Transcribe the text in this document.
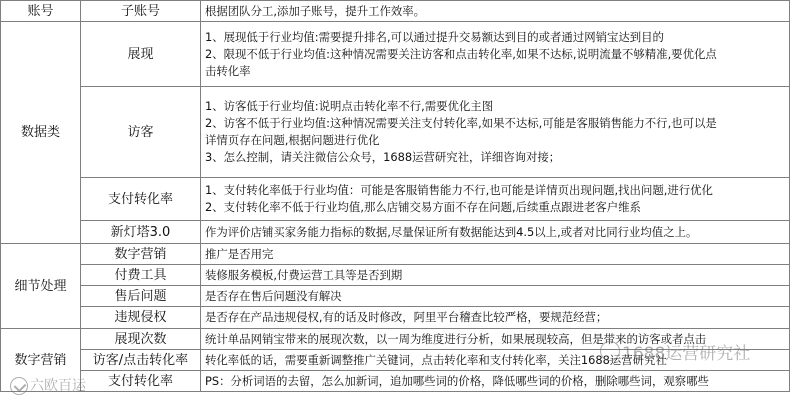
账号	子账号	根据团队分工,添加子账号，提升工作效率。

数据类	展现	1、展现低于行业均值:需要提升排名,可以通过提升交易额达到目的或者通过网销宝达到目的
2、限现不低于行业均值:这种情况需要关注访客和点击转化率,如果不达标,说明流量不够精准,要优化点
击转化率

	访客	1、访客低于行业均值:说明点击转化率不行,需要优化主图
2、访客不低于行业均值:这种情况需要关注支付转化率,如果不达标,可能是客服销售能力不行,也可以是
详情页存在问题,根据问题进行优化
3、怎么控制，请关注微信公众号，1688运营研究社，详细咨询对接；

	支付转化率	1、支付转化率低于行业均值：可能是客服销售能力不行,也可能是详情页出现问题,找出问题,进行优化
2、支付转化率不低于行业均值,那么店铺交易方面不存在问题,后续重点跟进老客户维系

	新灯塔3.0	作为评价店铺买家务能力指标的数据,尽量保证所有数据能达到4.5以上,或者对比同行业均值之上。

细节处理	数字营销	推广是否用完

	付费工具	装修服务模板,付费运营工具等是否到期

	售后问题	是否存在售后问题没有解决

	违规侵权	是否存在产品违规侵权,有的话及时修改，阿里平台稽查比较严格，要规范经营；

数字营销	展现次数	统计单品网销宝带来的展现次数，以一周为维度进行分析，如果展现较高，但是带来的访客或者点击

	访客/点击转化率	转化率低的话，需要重新调整推广关键词，点击转化率和支付转化率，关注1688运营研究社

	支付转化率	PS：分析词语的去留，怎么加新词，追加哪些词的价格，降低哪些词的价格，删除哪些词，观察哪些
六欧百运
1688运营研究社
